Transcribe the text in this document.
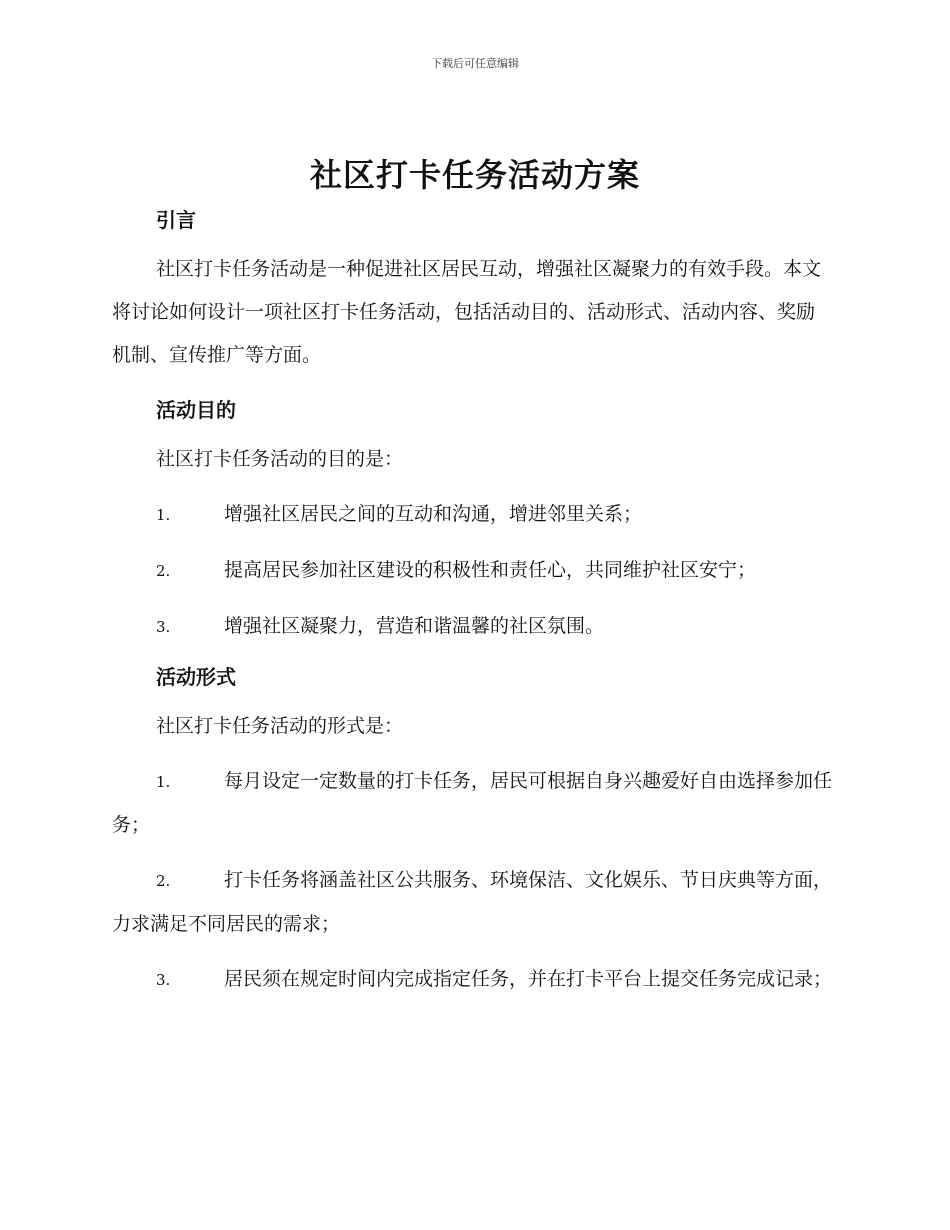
下载后可任意编辑
社区打卡任务活动方案
引言

社区打卡任务活动是一种促进社区居民互动，增强社区凝聚力的有效手段。本文将讨论如何设计一项社区打卡任务活动，包括活动目的、活动形式、活动内容、奖励机制、宣传推广等方面。

活动目的

社区打卡任务活动的目的是：

1.	增强社区居民之间的互动和沟通，增进邻里关系；

2.	提高居民参加社区建设的积极性和责任心，共同维护社区安宁；

3.	增强社区凝聚力，营造和谐温馨的社区氛围。

活动形式

社区打卡任务活动的形式是：

1.	每月设定一定数量的打卡任务，居民可根据自身兴趣爱好自由选择参加任务；

2.	打卡任务将涵盖社区公共服务、环境保洁、文化娱乐、节日庆典等方面，力求满足不同居民的需求；

3.	居民须在规定时间内完成指定任务，并在打卡平台上提交任务完成记录；
